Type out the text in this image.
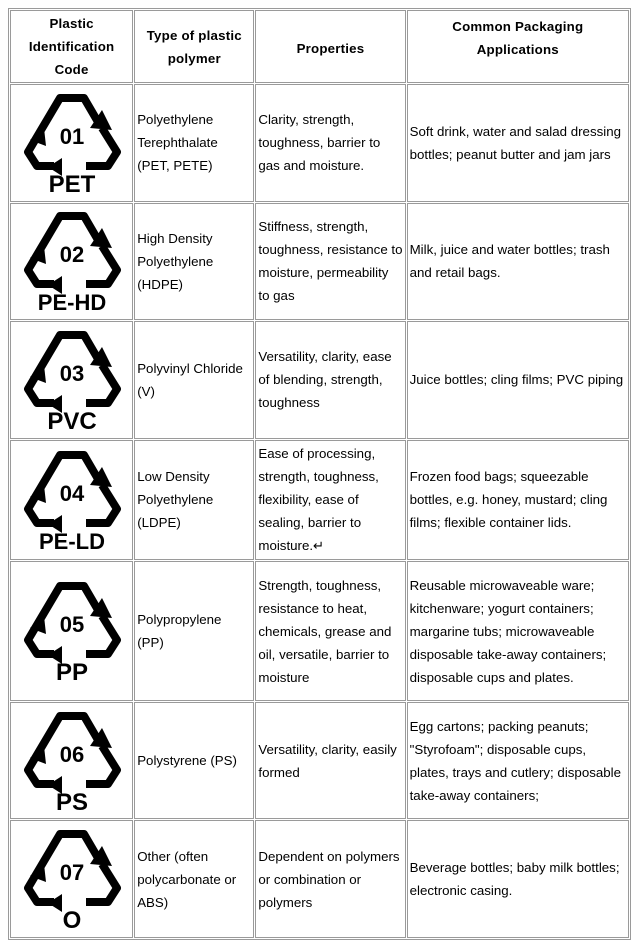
Plastic Identification Code	Type of plastic polymer	Properties	Common Packaging Applications

01
PET	Polyethylene Terephthalate (PET, PETE)	Clarity, strength, toughness, barrier to gas and moisture.	Soft drink, water and salad dressing bottles; peanut butter and jam jars

02
PE-HD	High Density Polyethylene (HDPE)	Stiffness, strength, toughness, resistance to moisture, permeability to gas	Milk, juice and water bottles; trash and retail bags.

03
PVC	Polyvinyl Chloride (V)	Versatility, clarity, ease of blending, strength, toughness	Juice bottles; cling films; PVC piping

04
PE-LD	Low Density Polyethylene (LDPE)	Ease of processing, strength, toughness, flexibility, ease of sealing, barrier to moisture.↵	Frozen food bags; squeezable bottles, e.g. honey, mustard; cling films; flexible container lids.

05
PP	Polypropylene (PP)	Strength, toughness, resistance to heat, chemicals, grease and oil, versatile, barrier to moisture	Reusable microwaveable ware; kitchenware; yogurt containers; margarine tubs; microwaveable disposable take-away containers; disposable cups and plates.

06
PS	Polystyrene (PS)	Versatility, clarity, easily formed	Egg cartons; packing peanuts; "Styrofoam"; disposable cups, plates, trays and cutlery; disposable take-away containers;

07
O	Other (often polycarbonate or ABS)	Dependent on polymers or combination or polymers	Beverage bottles; baby milk bottles; electronic casing.
